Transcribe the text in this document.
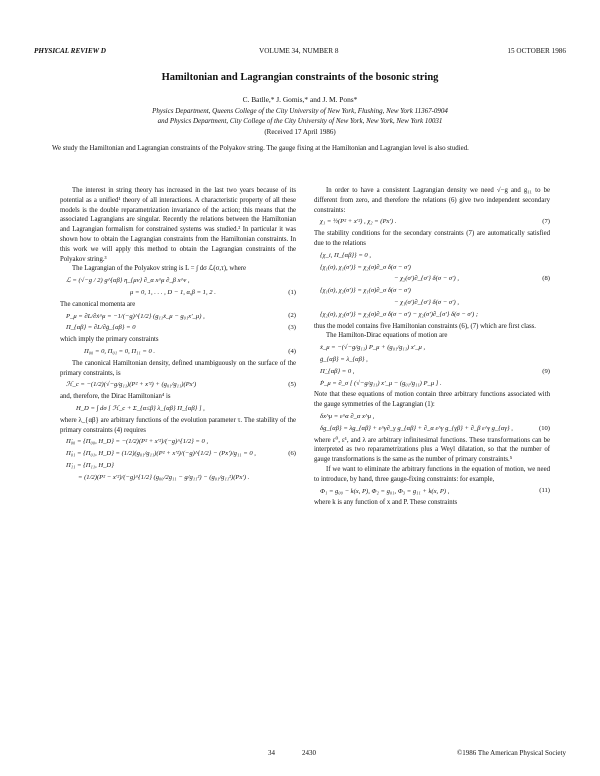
PHYSICAL REVIEW D	VOLUME 34, NUMBER 8	15 OCTOBER 1986
Hamiltonian and Lagrangian constraints of the bosonic string
C. Batlle,* J. Gomis,* and J. M. Pons*
Physics Department, Queens College of the City University of New York, Flushing, New York 11367-0904
and Physics Department, City College of the City University of New York, New York, New York 10031
(Received 17 April 1986)
We study the Hamiltonian and Lagrangian constraints of the Polyakov string. The gauge fixing at the Hamiltonian and Lagrangian level is also studied.

The interest in string theory has increased in the last two years because of its potential as a unified¹ theory of all interactions. A characteristic property of all these models is the double reparametrization invariance of the action; this means that the associated Lagrangians are singular. Recently the relations between the Hamiltonian and Lagrangian formalism for constrained systems was studied.² In particular it was shown how to obtain the Lagrangian constraints from the Hamiltonian constraints. In this work we will apply this method to obtain the Lagrangian constraints of the Polyakov string.³

The Lagrangian of the Polyakov string is L = ∫ dσ ℒ(σ,τ), where

ℒ = (√−g / 2) g^{αβ} η_{μν} ∂_α x^μ ∂_β x^ν ,
μ = 0, 1, . . . , D − 1, α,β = 1, 2 .	(1)

The canonical momenta are

P_μ = ∂L/∂ẋ^μ = −1/(−g)^{1/2} (g₁₁ẋ_μ − g₀₁x′_μ) ,	(2)
Π_{αβ} = ∂L/∂ġ_{αβ} = 0	(3)

which imply the primary constraints

Π₀₀ = 0, Π₀₁ = 0, Π₁₁ = 0 .	(4)

The canonical Hamiltonian density, defined unambiguously on the surface of the primary constraints, is

ℋ_c = −(1/2)(√−g/g₁₁)(P² + x′²) + (g₀₁/g₁₁)(Px′)	(5)

and, therefore, the Dirac Hamiltonian⁴ is

H_D = ∫ dσ [ ℋ_c + Σ_{α≤β} λ_{αβ} Π_{αβ} ] ,

where λ_{αβ} are arbitrary functions of the evolution parameter τ. The stability of the primary constraints (4) requires

Π̇₀₀ = {Π₀₀, H_D} = −(1/2)(P² + x′²)/(−g)^{1/2} = 0 ,
Π̇₀₁ = {Π₀₁, H_D} = (1/2)(g₀₁/g₁₁)(P² + x′²)/(−g)^{1/2} − (Px′)/g₁₁ = 0 ,	(6)
Π̇₁₁ = {Π₁₁, H_D}
= (1/2)(P² − x′²)/(−g)^{1/2} (g₀₀/2g₁₁ − g/g₁₁²) − (g₀₁/g₁₁²)(Px′) .

In order to have a consistent Lagrangian density we need √−g and g₁₁ to be different from zero, and therefore the relations (6) give two independent secondary constraints:

χ₁ = ½(P² + x′²) , χ₂ = (Px′) .	(7)

The stability conditions for the secondary constraints (7) are automatically satisfied due to the relations

{χ_i, Π_{αβ}} = 0 ,
{χ₁(σ), χ₁(σ′)} = χ₂(σ)∂_σ δ(σ − σ′)
− χ₂(σ′)∂_{σ′} δ(σ − σ′) ,	(8)
{χ₁(σ), χ₂(σ′)} = χ₁(σ)∂_σ δ(σ − σ′)
− χ₁(σ′)∂_{σ′} δ(σ − σ′) ,
{χ₂(σ), χ₂(σ′)} = χ₂(σ)∂_σ δ(σ − σ′) − χ₂(σ′)∂_{σ′} δ(σ − σ′) ;

thus the model contains five Hamiltonian constraints (6), (7) which are first class.

The Hamilton-Dirac equations of motion are

ẋ_μ = −(√−g/g₁₁) P_μ + (g₀₁/g₁₁) x′_μ ,
ġ_{αβ} = λ_{αβ} ,
Π̇_{αβ} = 0 ,	(9)
Ṗ_μ = ∂_σ [ (√−g/g₁₁) x′_μ − (g₀₁/g₁₁) P_μ ] .

Note that these equations of motion contain three arbitrary functions associated with the gauge symmetries of the Lagrangian (1):

δx^μ = ε^α ∂_α x^μ ,
δg_{αβ} = λg_{αβ} + ε^γ∂_γ g_{αβ} + ∂_α ε^γ g_{γβ} + ∂_β ε^γ g_{αγ} ,	(10)

where ε⁰, ε¹, and λ are arbitrary infinitesimal functions. These transformations can be interpreted as two reparametrizations plus a Weyl dilatation, so that the number of gauge transformations is the same as the number of primary constraints.⁵

If we want to eliminate the arbitrary functions in the equation of motion, we need to introduce, by hand, three gauge-fixing constraints: for example,

Φ₁ = g₀₀ − k(x, P), Φ₂ = g₀₁, Φ₃ = g₁₁ + k(x, P) ,	(11)

where k is any function of x and P. These constraints

34	2430	©1986 The American Physical Society
